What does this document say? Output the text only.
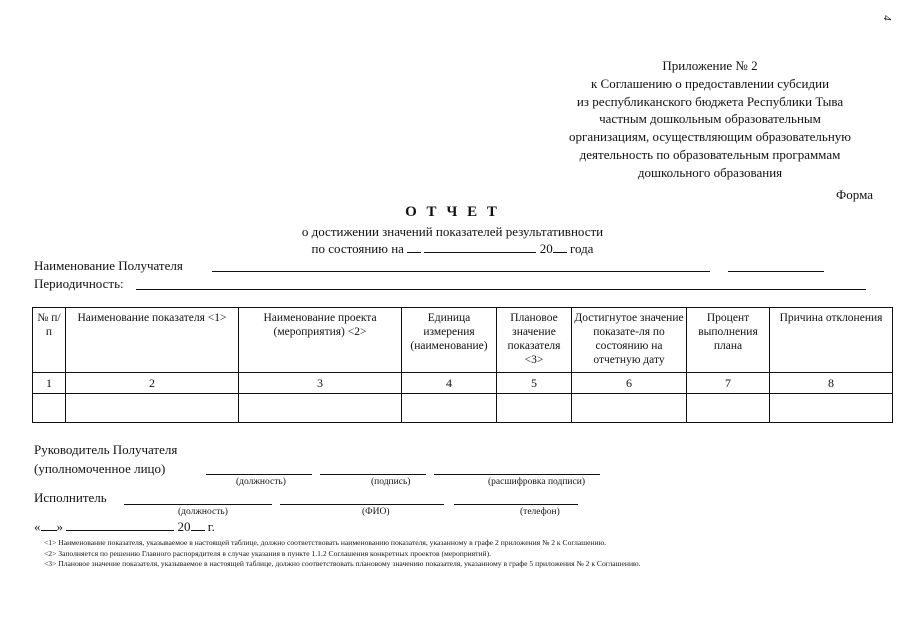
4
Приложение № 2
к Соглашению о предоставлении субсидии
из республиканского бюджета Республики Тыва
частным дошкольным образовательным
организациям, осуществляющим образовательную
деятельность по образовательным программам
дошкольного образования
Форма
О Т Ч Е Т
о достижении значений показателей результативности
по состоянию на	20 года
Наименование Получателя
Периодичность:
№ п/п	Наименование показателя <1>	Наименование проекта (мероприятия) <2>	Единица измерения (наименование)	Плановое значение показателя <3>	Достигнутое значение показате-ля по состоянию на отчетную дату	Процент выполнения плана	Причина отклонения
1	2	3	4	5	6	7	8

Руководитель Получателя
(уполномоченное лицо)
(должность)	(подпись)	(расшифровка подписи)
Исполнитель
(должность)	(ФИО)	(телефон)
« »	20 г.
<1> Наименование показателя, указываемое в настоящей таблице, должно соответствовать наименованию показателя, указанному в графе 2 приложения № 2 к Соглашению.
<2> Заполняется по решению Главного распорядителя в случае указания в пункте 1.1.2 Соглашения конкретных проектов (мероприятий).
<3> Плановое значение показателя, указываемое в настоящей таблице, должно соответствовать плановому значению показателя, указанному в графе 5 приложения № 2 к Соглашению.
